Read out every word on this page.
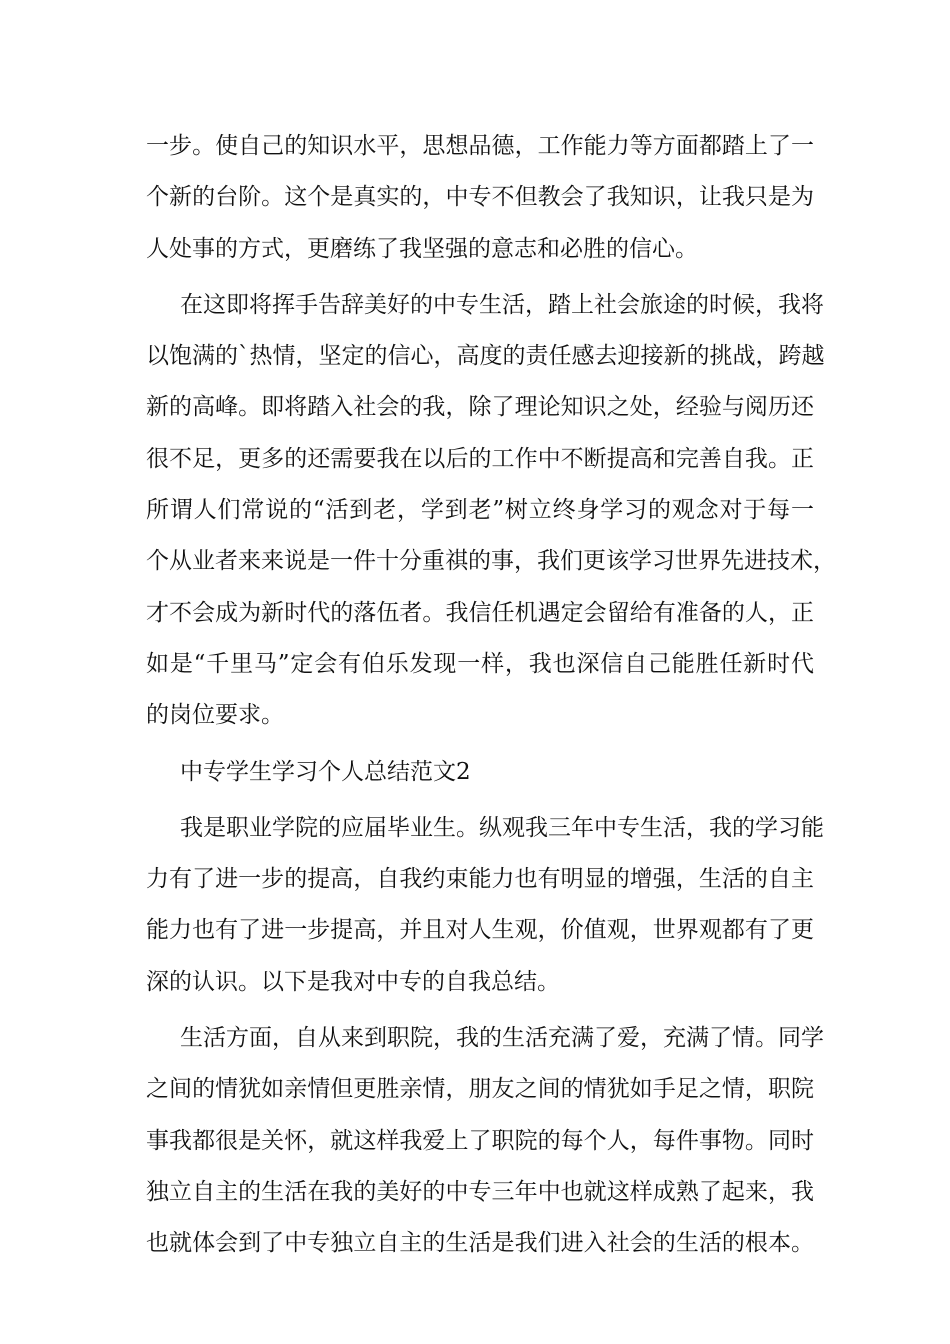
一步。使自己的知识水平，思想品德，工作能力等方面都踏上了一
个新的台阶。这个是真实的，中专不但教会了我知识，让我只是为
人处事的方式，更磨练了我坚强的意志和必胜的信心。
在这即将挥手告辞美好的中专生活，踏上社会旅途的时候，我将
以饱满的`热情，坚定的信心，高度的责任感去迎接新的挑战，跨越
新的高峰。即将踏入社会的我，除了理论知识之处，经验与阅历还
很不足，更多的还需要我在以后的工作中不断提高和完善自我。正
所谓人们常说的“活到老，学到老”树立终身学习的观念对于每一
个从业者来来说是一件十分重祺的事，我们更该学习世界先进技术，
才不会成为新时代的落伍者。我信任机遇定会留给有准备的人，正
如是“千里马”定会有伯乐发现一样，我也深信自己能胜任新时代
的岗位要求。
中专学生学习个人总结范文2
我是职业学院的应届毕业生。纵观我三年中专生活，我的学习能
力有了进一步的提高，自我约束能力也有明显的增强，生活的自主
能力也有了进一步提高，并且对人生观，价值观，世界观都有了更
深的认识。以下是我对中专的自我总结。
生活方面，自从来到职院，我的生活充满了爱，充满了情。同学
之间的情犹如亲情但更胜亲情，朋友之间的情犹如手足之情，职院
事我都很是关怀，就这样我爱上了职院的每个人，每件事物。同时
独立自主的生活在我的美好的中专三年中也就这样成熟了起来，我
也就体会到了中专独立自主的生活是我们进入社会的生活的根本。
